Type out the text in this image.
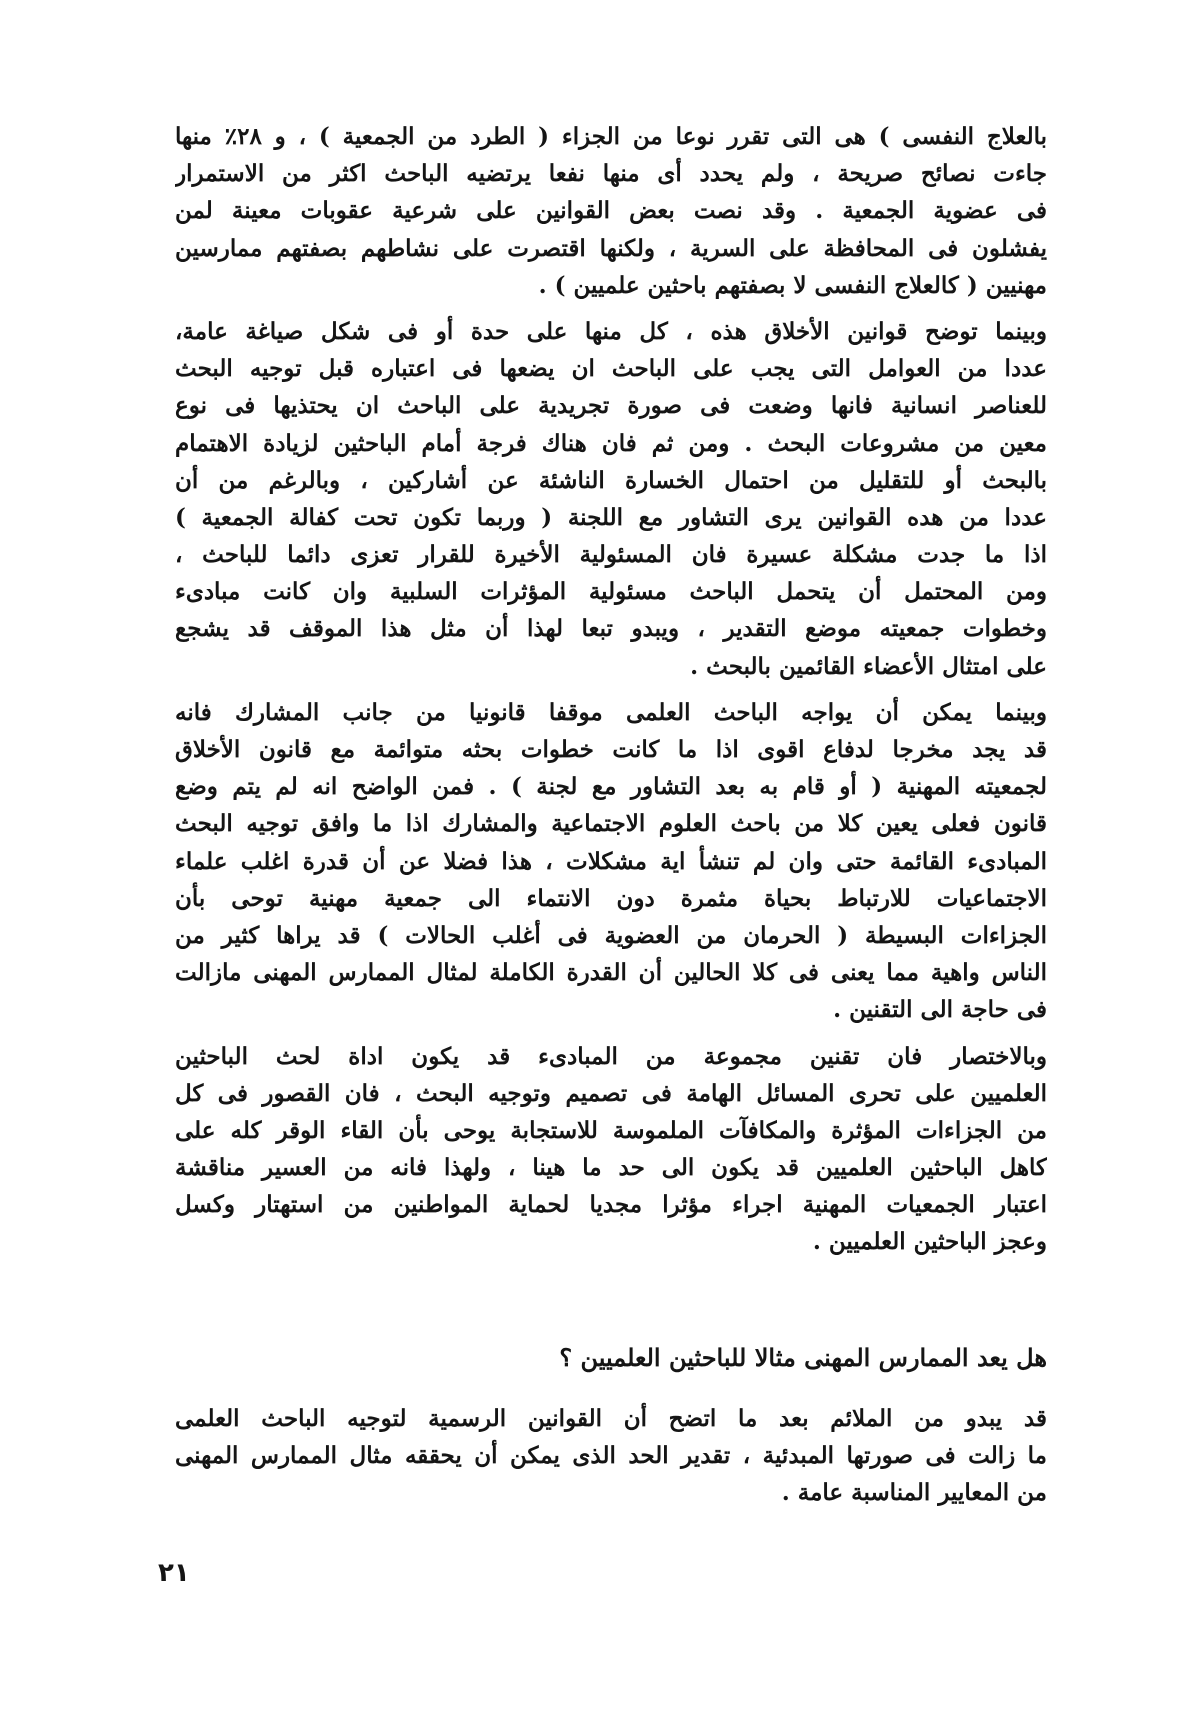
بالعلاج النفسى ) هى التى تقرر نوعا من الجزاء ( الطرد من الجمعية ) ، و ٢٨٪ منها
جاءت نصائح صريحة ، ولم يحدد أى منها نفعا يرتضيه الباحث اكثر من الاستمرار
فى عضوية الجمعية . وقد نصت بعض القوانين على شرعية عقوبات معينة لمن
يفشلون فى المحافظة على السرية ، ولكنها اقتصرت على نشاطهم بصفتهم ممارسين
مهنيين ( كالعلاج النفسى لا بصفتهم باحثين علميين ) .
وبينما توضح قوانين الأخلاق هذه ، كل منها على حدة أو فى شكل صياغة عامة،
عددا من العوامل التى يجب على الباحث ان يضعها فى اعتباره قبل توجيه البحث
للعناصر انسانية فانها وضعت فى صورة تجريدية على الباحث ان يحتذيها فى نوع
معين من مشروعات البحث . ومن ثم فان هناك فرجة أمام الباحثين لزيادة الاهتمام
بالبحث أو للتقليل من احتمال الخسارة الناشئة عن أشاركين ، وبالرغم من أن
عددا من هده القوانين يرى التشاور مع اللجنة ( وربما تكون تحت كفالة الجمعية )
اذا ما جدت مشكلة عسيرة فان المسئولية الأخيرة للقرار تعزى دائما للباحث ،
ومن المحتمل أن يتحمل الباحث مسئولية المؤثرات السلبية وان كانت مبادىء
وخطوات جمعيته موضع التقدير ، ويبدو تبعا لهذا أن مثل هذا الموقف قد يشجع
على امتثال الأعضاء القائمين بالبحث .
وبينما يمكن أن يواجه الباحث العلمى موقفا قانونيا من جانب المشارك فانه
قد يجد مخرجا لدفاع اقوى اذا ما كانت خطوات بحثه متوائمة مع قانون الأخلاق
لجمعيته المهنية ( أو قام به بعد التشاور مع لجنة ) . فمن الواضح انه لم يتم وضع
قانون فعلى يعين كلا من باحث العلوم الاجتماعية والمشارك اذا ما وافق توجيه البحث
المبادىء القائمة حتى وان لم تنشأ اية مشكلات ، هذا فضلا عن أن قدرة اغلب علماء
الاجتماعيات للارتباط بحياة مثمرة دون الانتماء الى جمعية مهنية توحى بأن
الجزاءات البسيطة ( الحرمان من العضوية فى أغلب الحالات ) قد يراها كثير من
الناس واهية مما يعنى فى كلا الحالين أن القدرة الكاملة لمثال الممارس المهنى مازالت
فى حاجة الى التقنين .
وبالاختصار فان تقنين مجموعة من المبادىء قد يكون اداة لحث الباحثين
العلميين على تحرى المسائل الهامة فى تصميم وتوجيه البحث ، فان القصور فى كل
من الجزاءات المؤثرة والمكافآت الملموسة للاستجابة يوحى بأن القاء الوقر كله على
كاهل الباحثين العلميين قد يكون الى حد ما هينا ، ولهذا فانه من العسير مناقشة
اعتبار الجمعيات المهنية اجراء مؤثرا مجديا لحماية المواطنين من استهتار وكسل
وعجز الباحثين العلميين .
هل يعد الممارس المهنى مثالا للباحثين العلميين ؟
قد يبدو من الملائم بعد ما اتضح أن القوانين الرسمية لتوجيه الباحث العلمى
ما زالت فى صورتها المبدئية ، تقدير الحد الذى يمكن أن يحققه مثال الممارس المهنى
من المعايير المناسبة عامة .
٢١
